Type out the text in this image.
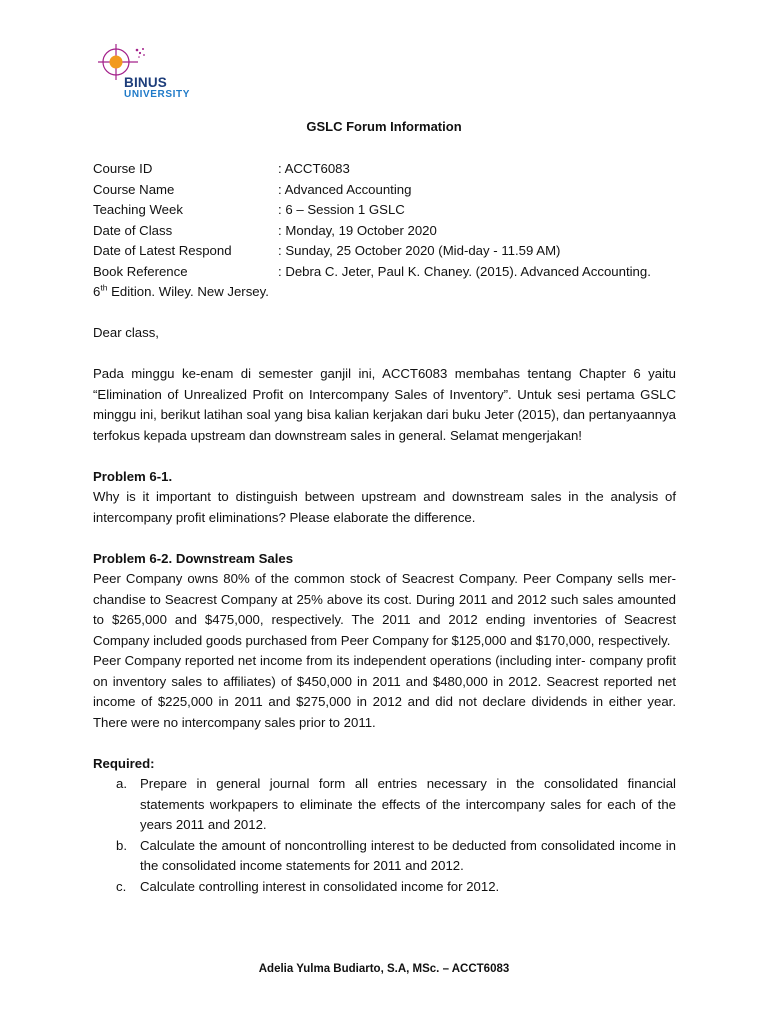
BINUS
UNIVERSITY
GSLC Forum Information
Course ID	: ACCT6083
Course Name	: Advanced Accounting
Teaching Week	: 6 – Session 1 GSLC
Date of Class	: Monday, 19 October 2020
Date of Latest Respond	: Sunday, 25 October 2020 (Mid-day - 11.59 AM)
Book Reference	: Debra C. Jeter, Paul K. Chaney. (2015). Advanced Accounting.
6th Edition. Wiley. New Jersey.

Dear class,

Pada minggu ke-enam di semester ganjil ini, ACCT6083 membahas tentang Chapter 6 yaitu “Elimination of Unrealized Profit on Intercompany Sales of Inventory”. Untuk sesi pertama GSLC minggu ini, berikut latihan soal yang bisa kalian kerjakan dari buku Jeter (2015), dan pertanyaannya terfokus kepada upstream dan downstream sales in general. Selamat mengerjakan!

Problem 6-1.

Why is it important to distinguish between upstream and downstream sales in the analysis of intercompany profit eliminations? Please elaborate the difference.

Problem 6-2. Downstream Sales

Peer Company owns 80% of the common stock of Seacrest Company. Peer Company sells mer- chandise to Seacrest Company at 25% above its cost. During 2011 and 2012 such sales amounted to $265,000 and $475,000, respectively. The 2011 and 2012 ending inventories of Seacrest Company included goods purchased from Peer Company for $125,000 and $170,000, respectively.

Peer Company reported net income from its independent operations (including inter- company profit on inventory sales to affiliates) of $450,000 in 2011 and $480,000 in 2012. Seacrest reported net income of $225,000 in 2011 and $275,000 in 2012 and did not declare dividends in either year. There were no intercompany sales prior to 2011.

Required:

a. Prepare in general journal form all entries necessary in the consolidated financial statements workpapers to eliminate the effects of the intercompany sales for each of the years 2011 and 2012.
b. Calculate the amount of noncontrolling interest to be deducted from consolidated income in the consolidated income statements for 2011 and 2012.
c.	Calculate controlling interest in consolidated income for 2012.
Adelia Yulma Budiarto, S.A, MSc. – ACCT6083
